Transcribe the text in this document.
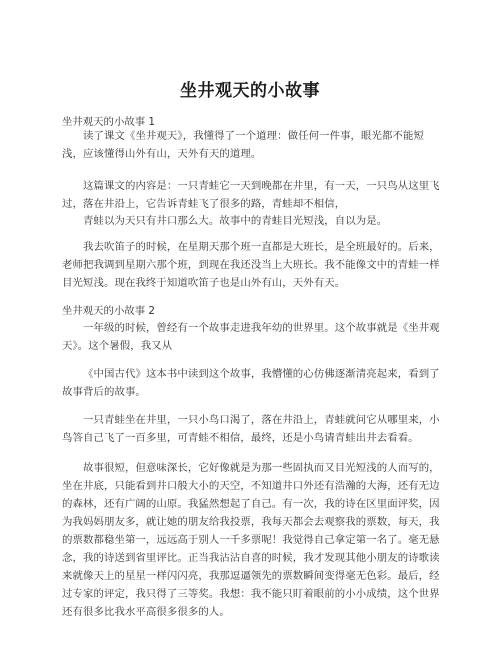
坐井观天的小故事
坐井观天的小故事 1
读了课文《坐井观天》，我懂得了一个道理：做任何一件事，眼光都不能短浅，应该懂得山外有山，天外有天的道理。
这篇课文的内容是：一只青蛙它一天到晚都在井里，有一天，一只鸟从这里飞过，落在井沿上，它告诉青蛙飞了很多的路，青蛙却不相信，
青蛙以为天只有井口那么大。故事中的青蛙目光短浅，自以为是。
我去吹笛子的时候，在星期天那个班一直都是大班长，是全班最好的。后来，老师把我调到星期六那个班，到现在我还没当上大班长。我不能像文中的青蛙一样目光短浅。现在我终于知道吹笛子也是山外有山，天外有天。
坐井观天的小故事 2
一年级的时候，曾经有一个故事走进我年幼的世界里。这个故事就是《坐井观天》。这个暑假，我又从
《中国古代》这本书中读到这个故事，我懵懂的心仿佛逐渐清亮起来，看到了故事背后的故事。
一只青蛙坐在井里，一只小鸟口渴了，落在井沿上，青蛙就问它从哪里来，小鸟答自己飞了一百多里，可青蛙不相信，最终，还是小鸟请青蛙出井去看看。
故事很短，但意味深长，它好像就是为那一些固执而又目光短浅的人而写的，坐在井底，只能看到井口般大小的天空，不知道井口外还有浩瀚的大海，还有无边的森林，还有广阔的山原。我猛然想起了自己。有一次，我的诗在区里面评奖，因为我妈妈朋友多，就让她的朋友给我投票，我每天都会去观察我的票数，每天，我的票数都稳坐第一，远远高于别人一千多票呢！我觉得自己拿定第一名了。毫无悬念，我的诗送到省里评比。正当我沾沾自喜的时候，我才发现其他小朋友的诗歌读来就像天上的星星一样闪闪亮，我那逗逼领先的票数瞬间变得毫无色彩。最后，经过专家的评定，我只得了三等奖。我想：我不能只盯着眼前的小小成绩，这个世界还有很多比我水平高很多很多的人。
